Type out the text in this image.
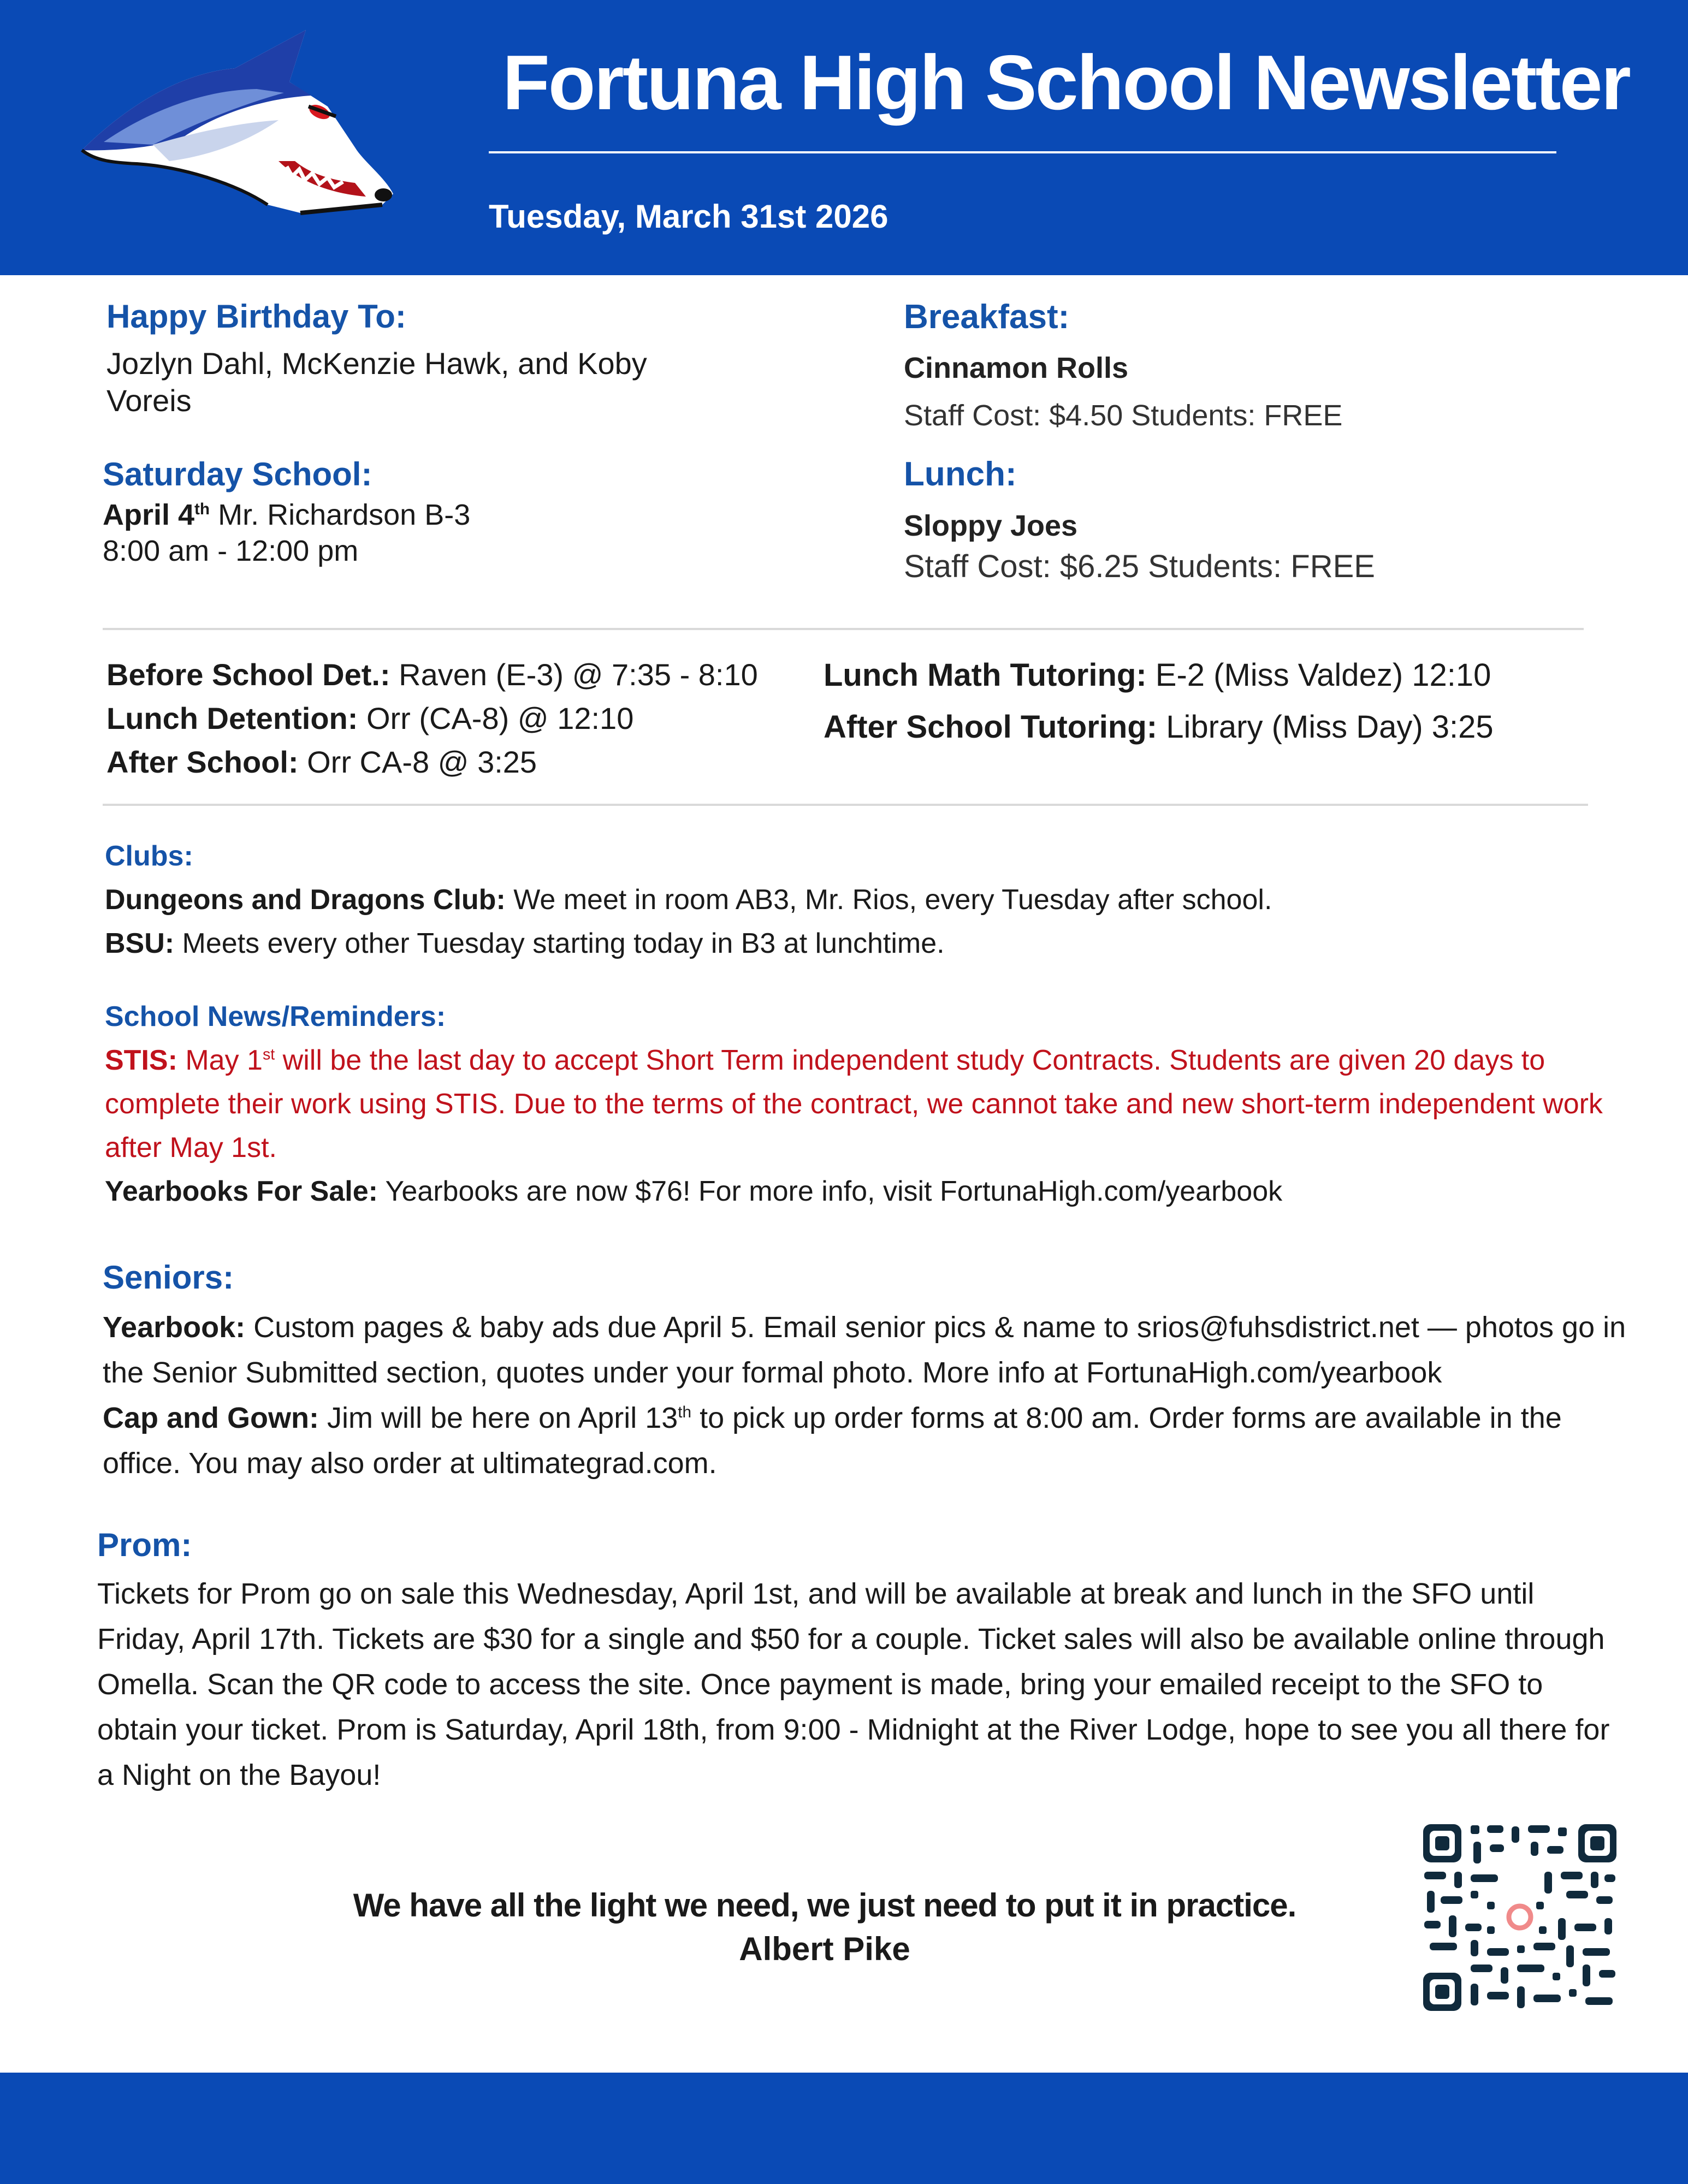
Fortuna High School Newsletter
Tuesday, March 31st 2026
Happy Birthday To:
Jozlyn Dahl, McKenzie Hawk, and Koby
Voreis
Saturday School:
April 4th Mr. Richardson B-3
8:00 am - 12:00 pm
Breakfast:
Cinnamon Rolls
Staff Cost: $4.50 Students: FREE
Lunch:
Sloppy Joes
Staff Cost: $6.25 Students: FREE
Before School Det.: Raven (E-3) @ 7:35 - 8:10
Lunch Detention: Orr (CA-8) @ 12:10
After School: Orr CA-8 @ 3:25
Lunch Math Tutoring: E-2 (Miss Valdez) 12:10
After School Tutoring: Library (Miss Day) 3:25
Clubs:
Dungeons and Dragons Club: We meet in room AB3, Mr. Rios, every Tuesday after school.
BSU: Meets every other Tuesday starting today in B3 at lunchtime.
School News/Reminders:
STIS: May 1st will be the last day to accept Short Term independent study Contracts. Students are given 20 days to
complete their work using STIS. Due to the terms of the contract, we cannot take and new short-term independent work
after May 1st.
Yearbooks For Sale: Yearbooks are now $76! For more info, visit FortunaHigh.com/yearbook
Seniors:
Yearbook: Custom pages & baby ads due April 5. Email senior pics & name to srios@fuhsdistrict.net — photos go in
the Senior Submitted section, quotes under your formal photo. More info at FortunaHigh.com/yearbook
Cap and Gown: Jim will be here on April 13th to pick up order forms at 8:00 am. Order forms are available in the
office. You may also order at ultimategrad.com.
Prom:
Tickets for Prom go on sale this Wednesday, April 1st, and will be available at break and lunch in the SFO until
Friday, April 17th. Tickets are $30 for a single and $50 for a couple. Ticket sales will also be available online through
Omella. Scan the QR code to access the site. Once payment is made, bring your emailed receipt to the SFO to
obtain your ticket. Prom is Saturday, April 18th, from 9:00 - Midnight at the River Lodge, hope to see you all there for
a Night on the Bayou!
We have all the light we need, we just need to put it in practice.
Albert Pike
